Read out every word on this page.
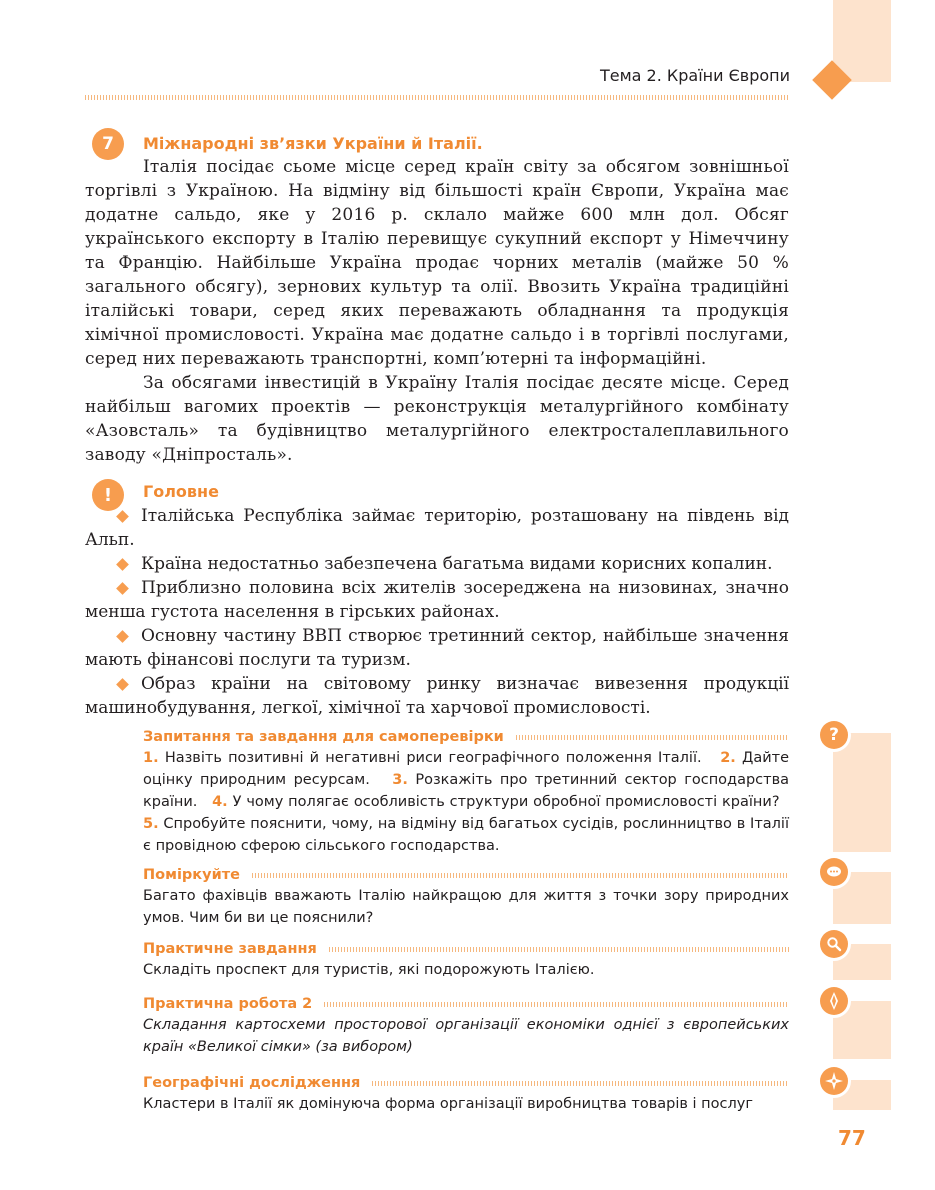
?
Тема 2. Країни Європи
7	Міжнародні зв’язки України й Італії.

Італія посідає сьоме місце серед країн світу за обсягом зовнішньої торгівлі з Україною. На відміну від більшості країн Європи, Україна має додатне сальдо, яке у 2016 р. склало майже 600 млн дол. Обсяг українського експорту в Італію перевищує сукупний експорт у Німеччину та Францію. Найбільше Україна продає чорних металів (майже 50 % загального обсягу), зернових культур та олії. Ввозить Україна традиційні італійські товари, серед яких переважають обладнання та продукція хімічної промисловості. Україна має додатне сальдо і в торгівлі послугами, серед них переважають транспортні, комп’ютерні та інформаційні.

За обсягами інвестицій в Україну Італія посідає десяте місце. Серед найбільш вагомих проектів — реконструкція металургійного комбінату «Азовсталь» та будівництво металургійного електросталеплавильного заводу «Дніпросталь».

!	Головне

Італійська Республіка займає територію, розташовану на південь від Альп.

Країна недостатньо забезпечена багатьма видами корисних копалин.

Приблизно половина всіх жителів зосереджена на низовинах, значно менша густота населення в гірських районах.

Основну частину ВВП створює третинний сектор, найбільше значення мають фінансові послуги та туризм.

Образ країни на світовому ринку визначає вивезення продукції машинобудування, легкої, хімічної та харчової промисловості.

Запитання та завдання для самоперевірки

1. Назвіть позитивні й негативні риси географічного положення Італії. 2. Дайте оцінку природним ресурсам. 3. Розкажіть про третинний сектор господарства країни. 4. У чому полягає особливість структури обробної промисловості країни?   5. Спробуйте пояснити, чому, на відміну від багатьох сусідів, рослинництво в Італії є провідною сферою сільського господарства.

Поміркуйте

Багато фахівців вважають Італію найкращою для життя з точки зору природних умов. Чим би ви це пояснили?

Практичне завдання

Складіть проспект для туристів, які подорожують Італією.

Практична робота 2

Складання картосхеми просторової організації економіки однієї з європейських країн «Великої сімки» (за вибором)

Географічні дослідження

Кластери в Італії як домінуюча форма організації виробництва товарів і послуг

77
